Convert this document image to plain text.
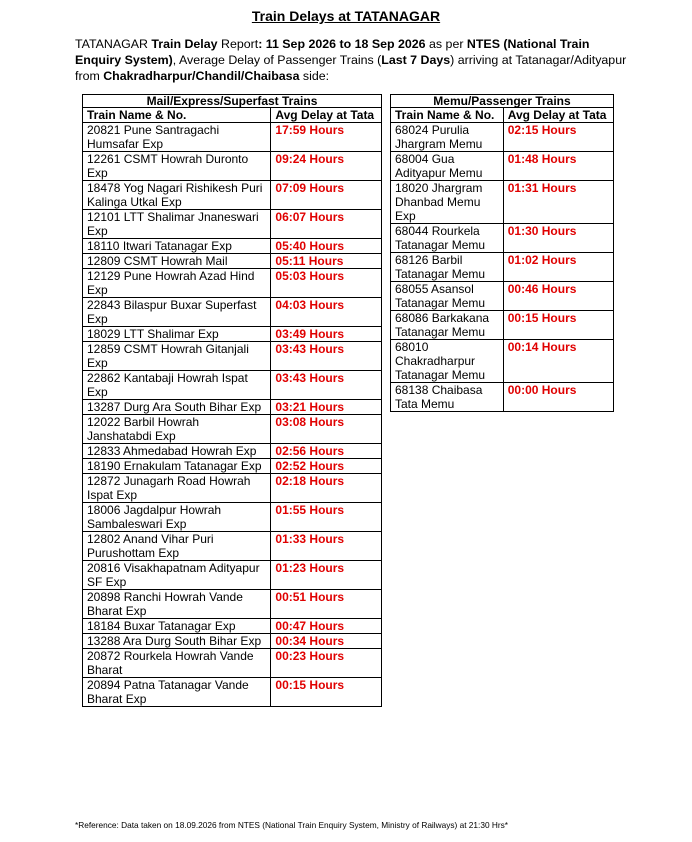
Train Delays at TATANAGAR
TATANAGAR Train Delay Report: 11 Sep 2026 to 18 Sep 2026 as per NTES (National Train Enquiry System), Average Delay of Passenger Trains (Last 7 Days) arriving at Tatanagar/Adityapur from Chakradharpur/Chandil/Chaibasa side:
Mail/Express/Superfast Trains	
Train Name & No.	Avg Delay at Tata
20821 Pune Santragachi Humsafar Exp	17:59 Hours
12261 CSMT Howrah Duronto Exp	09:24 Hours
18478 Yog Nagari Rishikesh Puri Kalinga Utkal Exp	07:09 Hours
12101 LTT Shalimar Jnaneswari Exp	06:07 Hours
18110 Itwari Tatanagar Exp	05:40 Hours
12809 CSMT Howrah Mail	05:11 Hours
12129 Pune Howrah Azad Hind Exp	05:03 Hours
22843 Bilaspur Buxar Superfast Exp	04:03 Hours
18029 LTT Shalimar Exp	03:49 Hours
12859 CSMT Howrah Gitanjali Exp	03:43 Hours
22862 Kantabaji Howrah Ispat Exp	03:43 Hours
13287 Durg Ara South Bihar Exp	03:21 Hours
12022 Barbil Howrah Janshatabdi Exp	03:08 Hours
12833 Ahmedabad Howrah Exp	02:56 Hours
18190 Ernakulam Tatanagar Exp	02:52 Hours
12872 Junagarh Road Howrah Ispat Exp	02:18 Hours
18006 Jagdalpur Howrah Sambaleswari Exp	01:55 Hours
12802 Anand Vihar Puri Purushottam Exp	01:33 Hours
20816 Visakhapatnam Adityapur SF Exp	01:23 Hours
20898 Ranchi Howrah Vande Bharat Exp	00:51 Hours
18184 Buxar Tatanagar Exp	00:47 Hours
13288 Ara Durg South Bihar Exp	00:34 Hours
20872 Rourkela Howrah Vande Bharat	00:23 Hours
20894 Patna Tatanagar Vande Bharat Exp	00:15 Hours
Memu/Passenger Trains	
Train Name & No.	Avg Delay at Tata
68024 Purulia Jhargram Memu	02:15 Hours
68004 Gua Adityapur Memu	01:48 Hours
18020 Jhargram Dhanbad Memu Exp	01:31 Hours
68044 Rourkela Tatanagar Memu	01:30 Hours
68126 Barbil Tatanagar Memu	01:02 Hours
68055 Asansol Tatanagar Memu	00:46 Hours
68086 Barkakana Tatanagar Memu	00:15 Hours
68010 Chakradharpur Tatanagar Memu	00:14 Hours
68138 Chaibasa Tata Memu	00:00 Hours
*Reference: Data taken on 18.09.2026 from NTES (National Train Enquiry System, Ministry of Railways) at 21:30 Hrs*
